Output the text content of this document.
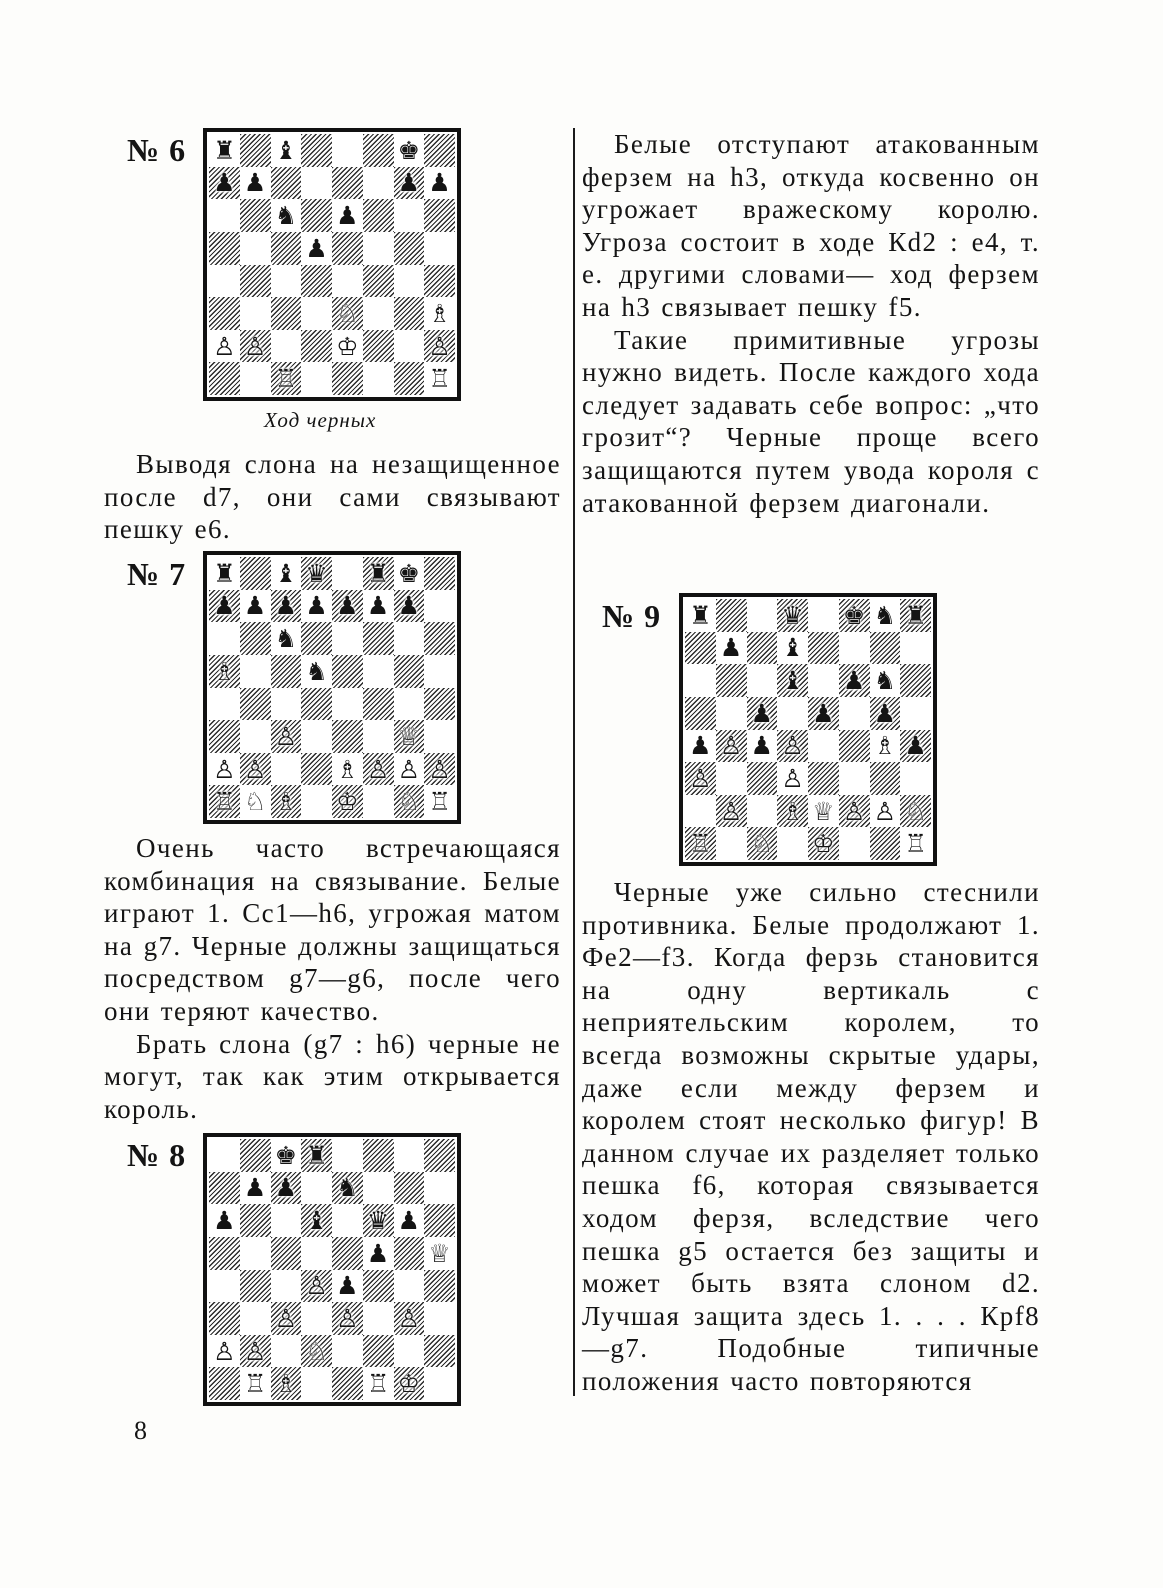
№ 6 ♜ ♝	♚
♟ ♟	♟ ♟
♞ ♟
♟
♘	♗
♙ ♙	♔	♙
♖	♖
Ход черных

Выводя слона на незащищенное после d7, они сами связывают пешку е6.

№ 7 ♜ ♝ ♛ ♜ ♚
♟ ♟ ♟ ♟ ♟ ♟ ♟
♞
♗	♞
♙	♕
♙ ♙	♗ ♙ ♙ ♙
♖ ♘ ♗ ♔ ♘ ♖

Очень часто встречающаяся комбинация на связывание. Белые играют 1. Сc1—h6, угрожая матом на g7. Черные должны защищаться посредством g7—g6, после чего они теряют качество.

Брать слона (g7 : h6) черные не могут, так как этим открывается король.

№ 8	♚ ♜
♟ ♟ ♞
♟	♝ ♛ ♟
♟ ♕
♙ ♟
♙ ♙ ♙
♙ ♙ ♘
♖ ♗	♖ ♔

Белые отступают атакованным ферзем на h3, откуда косвенно он угрожает вражескому королю. Угроза состоит в ходе Кd2 : е4, т. е. другими словами— ход ферзем на h3 связывает пешку f5.

Такие примитивные угрозы нужно видеть. После каждого хода следует задавать себе вопрос: „что грозит“? Черные проще всего защищаются путем увода короля с атакованной ферзем диагонали.

№ 9 ♜	♛ ♚ ♞ ♜
♟ ♝
♝ ♟ ♞
♟ ♟ ♟
♟ ♙ ♟ ♙	♗ ♟
♙	♙
♙ ♗ ♕ ♙ ♙ ♘
♖ ♘ ♔	♖

Черные уже сильно стеснили противника. Белые продолжают 1. Фe2—f3. Когда ферзь становится на одну вертикаль с неприятельским королем, то всегда возможны скрытые удары, даже если между ферзем и королем стоят несколько фигур! В данном случае их разделяет только пешка f6, которая связывается ходом ферзя, вследствие чего пешка g5 остается без защиты и может быть взята слоном d2. Лучшая защита здесь 1. . . . Крf8—g7. Подобные типичные положения часто повторяются

8
